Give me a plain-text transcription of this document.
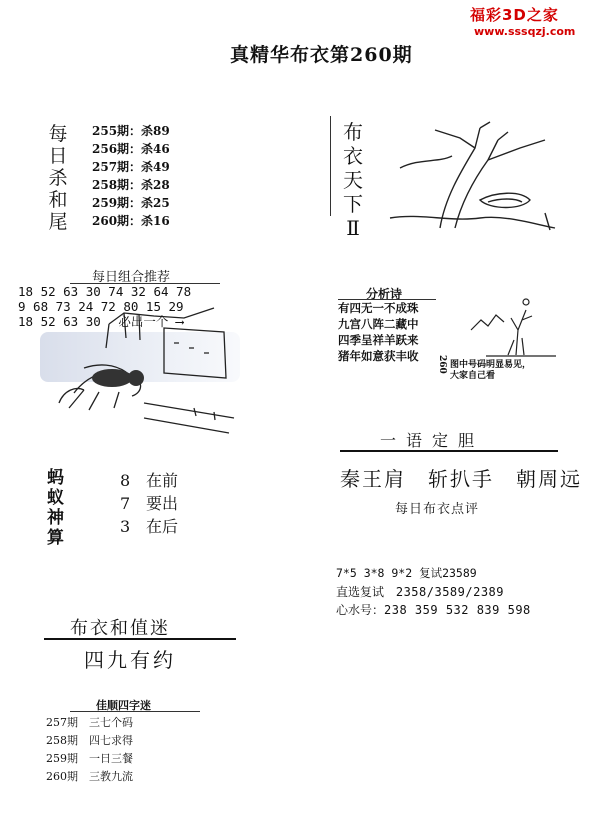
福彩3D之家
www.sssqzj.com
真精华布衣第260期
每
日
杀
和
尾
255期：杀89
256期：杀46
257期：杀49
258期：杀28
259期：杀25
260期：杀16
每日组合推荐
18 52 63 30 74 32 64 78
9 68 73 24 72 80 15 29
18 52 63 30 必出一个 ⟶
蚂
蚁
神
算
8 在前
7 要出
3 在后
布衣和值迷
四九有约
佳顺四字迷
257期　三七个码
258期　四七求得
259期　一日三餐
260期　三教九流
布
衣
天
下
Ⅱ
分析诗
有四无一不成珠
九宫八阵二藏中
四季呈祥羊跃来
猪年如意获丰收 260 图中号码明显易见，
大家自己看
一语定胆
秦王肩　斩扒手　朝周远
每日布衣点评
7*5 3*8 9*2 复试23589
直选复试 2358/3589/2389
心水号：238 359 532 839 598
